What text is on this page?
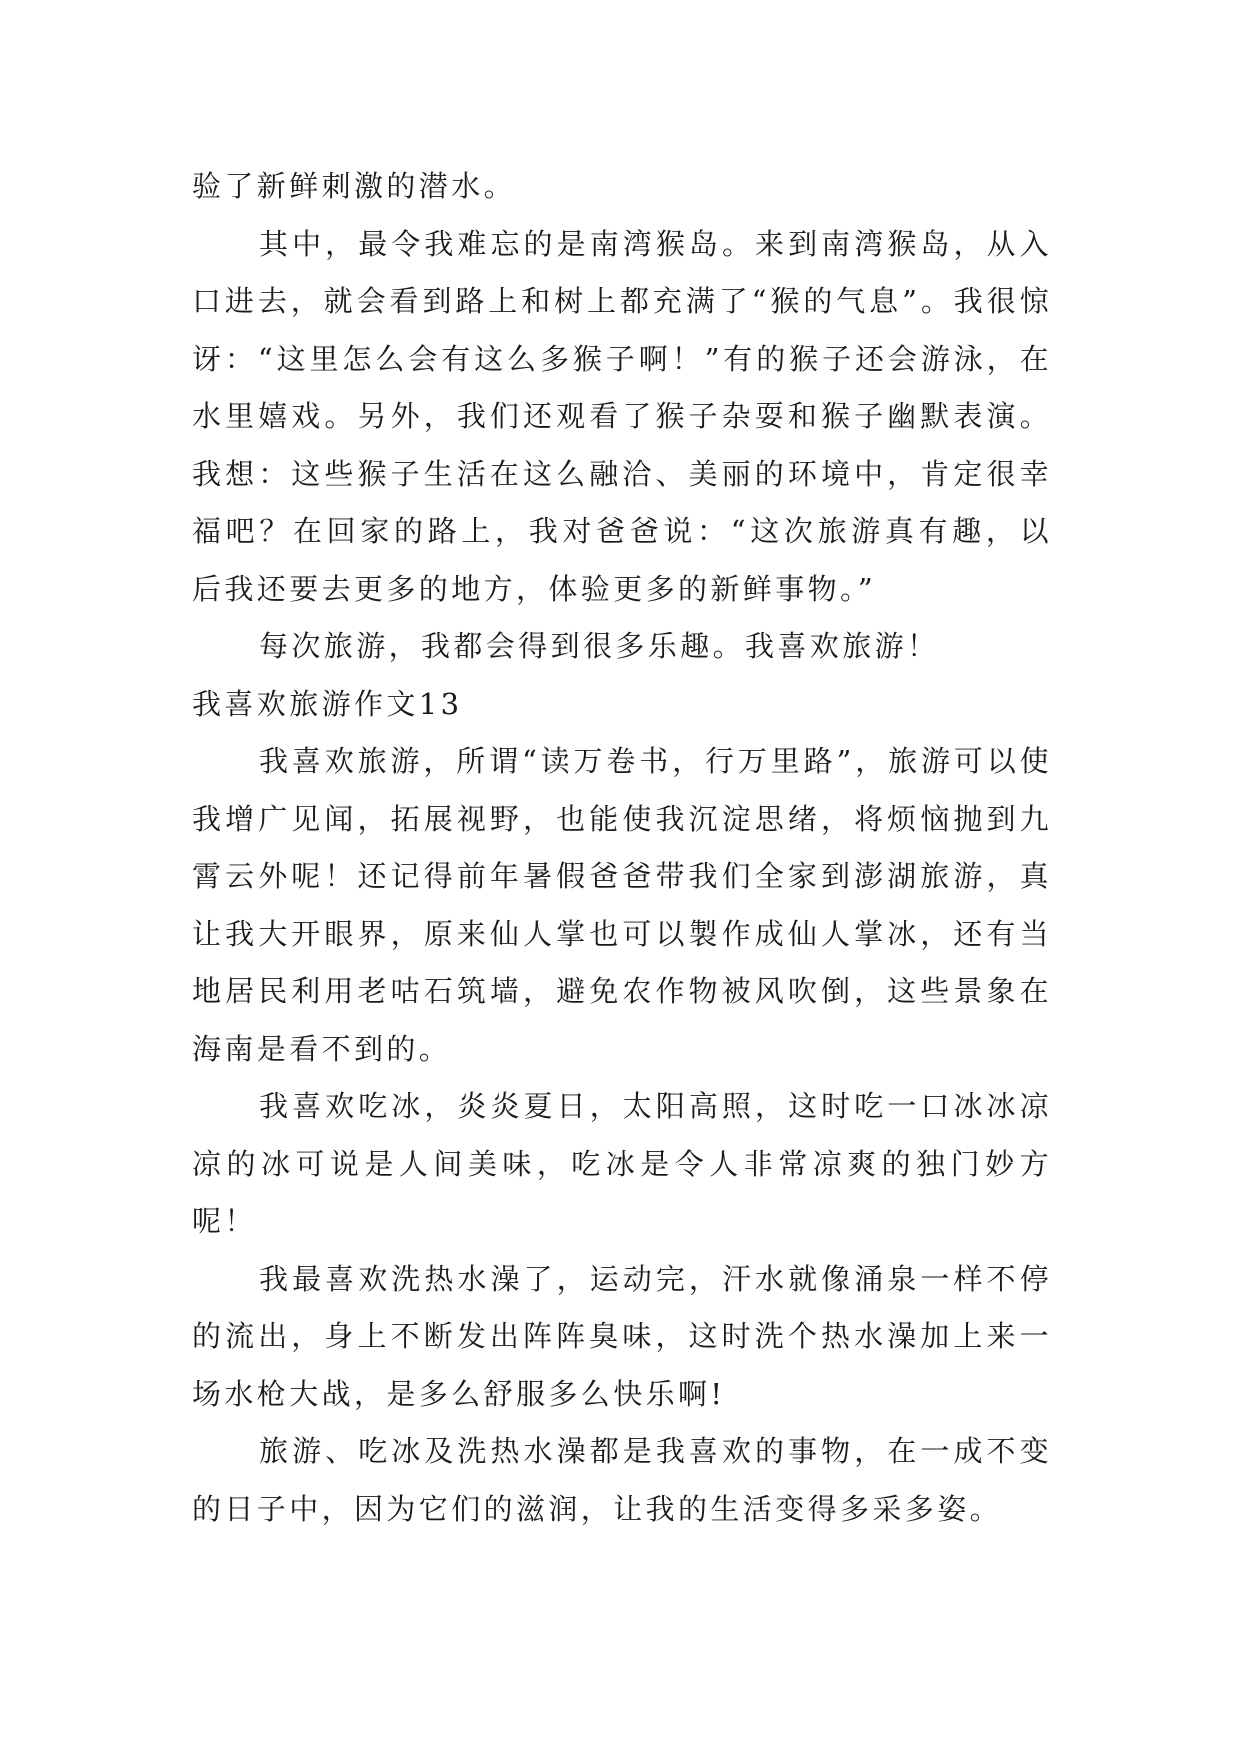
验了新鲜刺激的潜水。

其中，最令我难忘的是南湾猴岛。来到南湾猴岛，从入口进去，就会看到路上和树上都充满了“猴的气息”。我很惊讶：“这里怎么会有这么多猴子啊！”有的猴子还会游泳，在水里嬉戏。另外，我们还观看了猴子杂耍和猴子幽默表演。我想：这些猴子生活在这么融洽、美丽的环境中，肯定很幸福吧？在回家的路上，我对爸爸说：“这次旅游真有趣，以后我还要去更多的地方，体验更多的新鲜事物。”

每次旅游，我都会得到很多乐趣。我喜欢旅游！

我喜欢旅游作文13

我喜欢旅游，所谓“读万卷书，行万里路”，旅游可以使我增广见闻，拓展视野，也能使我沉淀思绪，将烦恼抛到九霄云外呢！还记得前年暑假爸爸带我们全家到澎湖旅游，真让我大开眼界，原来仙人掌也可以製作成仙人掌冰，还有当地居民利用老咕石筑墙，避免农作物被风吹倒，这些景象在海南是看不到的。

我喜欢吃冰，炎炎夏日，太阳高照，这时吃一口冰冰凉凉的冰可说是人间美味，吃冰是令人非常凉爽的独门妙方呢！

我最喜欢洗热水澡了，运动完，汗水就像涌泉一样不停的流出，身上不断发出阵阵臭味，这时洗个热水澡加上来一场水枪大战，是多么舒服多么快乐啊!

旅游、吃冰及洗热水澡都是我喜欢的事物，在一成不变的日子中，因为它们的滋润，让我的生活变得多采多姿。
